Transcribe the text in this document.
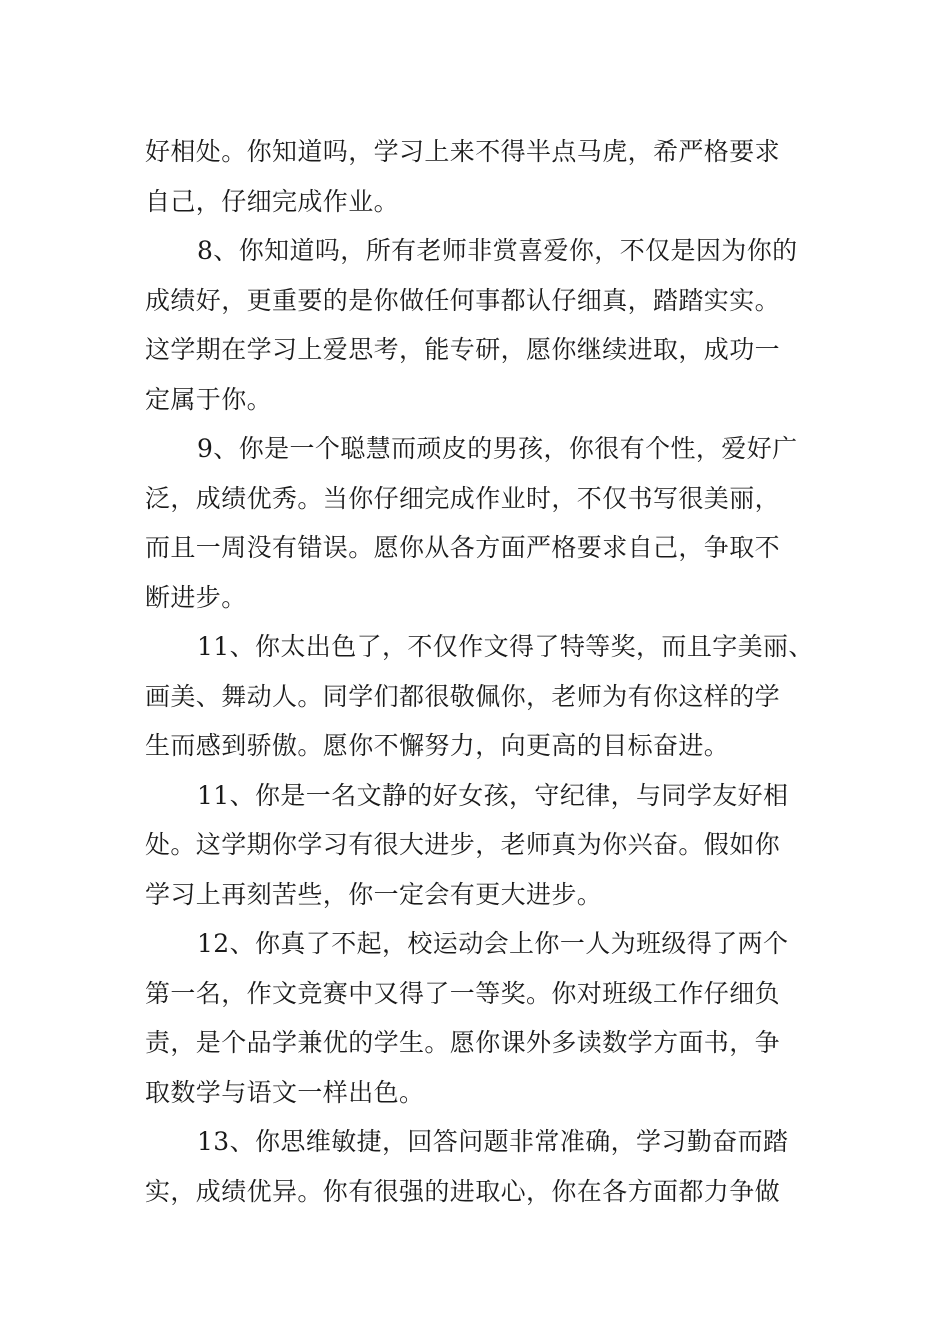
好相处。你知道吗，学习上来不得半点马虎，希严格要求
自己，仔细完成作业。

8、你知道吗，所有老师非赏喜爱你，不仅是因为你的
成绩好，更重要的是你做任何事都认仔细真，踏踏实实。
这学期在学习上爱思考，能专研，愿你继续进取，成功一
定属于你。

9、你是一个聪慧而顽皮的男孩，你很有个性，爱好广
泛，成绩优秀。当你仔细完成作业时，不仅书写很美丽，
而且一周没有错误。愿你从各方面严格要求自己，争取不
断进步。

11、你太出色了，不仅作文得了特等奖，而且字美丽、
画美、舞动人。同学们都很敬佩你，老师为有你这样的学
生而感到骄傲。愿你不懈努力，向更高的目标奋进。

11、你是一名文静的好女孩，守纪律，与同学友好相
处。这学期你学习有很大进步，老师真为你兴奋。假如你
学习上再刻苦些，你一定会有更大进步。

12、你真了不起，校运动会上你一人为班级得了两个
第一名，作文竞赛中又得了一等奖。你对班级工作仔细负
责，是个品学兼优的学生。愿你课外多读数学方面书，争
取数学与语文一样出色。

13、你思维敏捷，回答问题非常准确，学习勤奋而踏
实，成绩优异。你有很强的进取心，你在各方面都力争做
